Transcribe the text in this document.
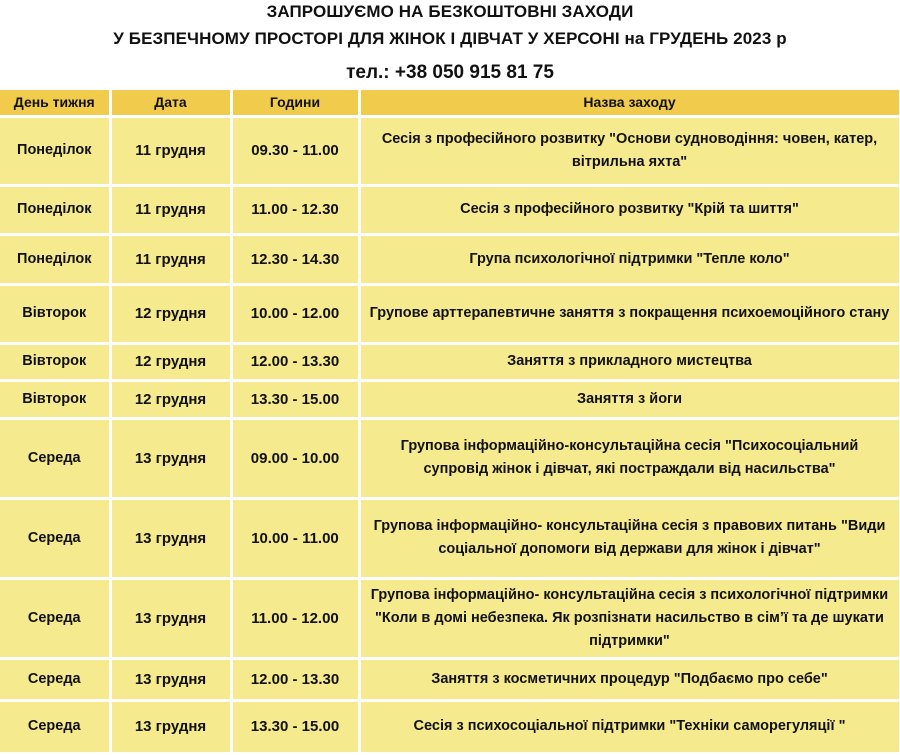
ЗАПРОШУЄМО НА БЕЗКОШТОВНІ ЗАХОДИ
У БЕЗПЕЧНОМУ ПРОСТОРІ ДЛЯ ЖІНОК І ДІВЧАТ У ХЕРСОНІ на ГРУДЕНЬ 2023 р
тел.: +38 050 915 81 75
День тижня	Дата	Години	Назва заходу
Понеділок	11 грудня	09.30 - 11.00	Сесія з професійного розвитку "Основи судноводіння: човен, катер, вітрильна яхта"
Понеділок	11 грудня	11.00 - 12.30	Сесія з професійного розвитку "Крій та шиття"
Понеділок	11 грудня	12.30 - 14.30	Група психологічної підтримки "Тепле коло"
Вівторок	12 грудня	10.00 - 12.00	Групове арттерапевтичне заняття з покращення психоемоційного стану
Вівторок	12 грудня	12.00 - 13.30	Заняття з прикладного мистецтва
Вівторок	12 грудня	13.30 - 15.00	Заняття з йоги
Середа	13 грудня	09.00 - 10.00	Групова інформаційно-консультаційна сесія "Психосоціальний супровід жінок і дівчат, які постраждали від насильства"
Середа	13 грудня	10.00 - 11.00	Групова інформаційно- консультаційна сесія з правових питань "Види соціальної допомоги від держави для жінок і дівчат"
Середа	13 грудня	11.00 - 12.00	Групова інформаційно- консультаційна сесія з психологічної підтримки "Коли в домі небезпека. Як розпізнати насильство в сім’ї та де шукати підтримки"
Середа	13 грудня	12.00 - 13.30	Заняття з косметичних процедур "Подбаємо про себе"
Середа	13 грудня	13.30 - 15.00	Сесія з психосоціальної підтримки "Техніки саморегуляції "
